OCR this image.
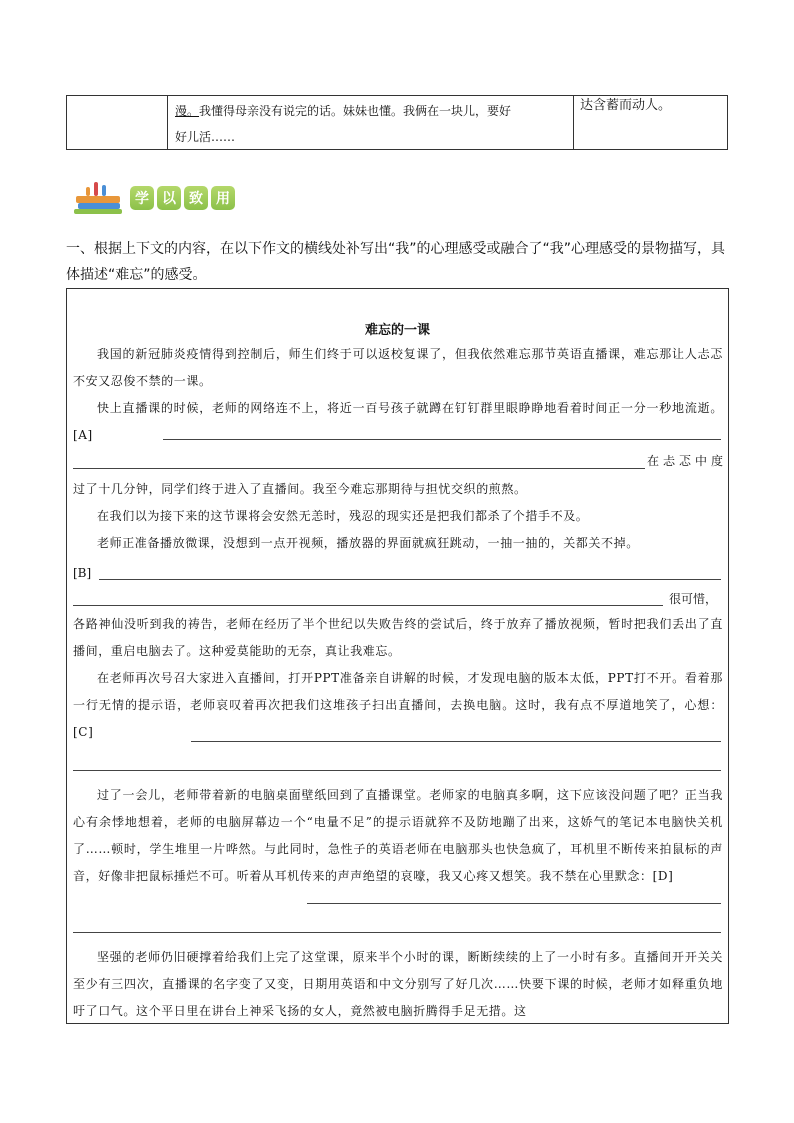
漫。我懂得母亲没有说完的话。妹妹也懂。我俩在一块儿，要好
好儿活……
达含蓄而动人。
学 以 致 用
一、根据上下文的内容，在以下作文的横线处补写出“我”的心理感受或融合了“我”心理感受的景物描写，具体描述“难忘”的感受。
难忘的一课
我国的新冠肺炎疫情得到控制后，师生们终于可以返校复课了，但我依然难忘那节英语直播课，难忘那让人忐忑不安又忍俊不禁的一课。
快上直播课的时候，老师的网络连不上，将近一百号孩子就蹲在钉钉群里眼睁睁地看着时间正一分一秒地流逝。[A]
在忐忑中度
过了十几分钟，同学们终于进入了直播间。我至今难忘那期待与担忧交织的煎熬。
在我们以为接下来的这节课将会安然无恙时，残忍的现实还是把我们都杀了个措手不及。
老师正准备播放微课，没想到一点开视频，播放器的界面就疯狂跳动，一抽一抽的，关都关不掉。
[B]
很可惜，
各路神仙没听到我的祷告，老师在经历了半个世纪以失败告终的尝试后，终于放弃了播放视频，暂时把我们丢出了直播间，重启电脑去了。这种爱莫能助的无奈，真让我难忘。
在老师再次号召大家进入直播间，打开PPT准备亲自讲解的时候，才发现电脑的版本太低，PPT打不开。看着那一行无情的提示语，老师哀叹着再次把我们这堆孩子扫出直播间，去换电脑。这时，我有点不厚道地笑了，心想：[C]
过了一会儿，老师带着新的电脑桌面壁纸回到了直播课堂。老师家的电脑真多啊，这下应该没问题了吧？正当我心有余悸地想着，老师的电脑屏幕边一个“电量不足”的提示语就猝不及防地蹦了出来，这娇气的笔记本电脑快关机了……顿时，学生堆里一片哗然。与此同时，急性子的英语老师在电脑那头也快急疯了，耳机里不断传来拍鼠标的声音，好像非把鼠标捶烂不可。听着从耳机传来的声声绝望的哀嚎，我又心疼又想笑。我不禁在心里默念：[D]
坚强的老师仍旧硬撑着给我们上完了这堂课，原来半个小时的课，断断续续的上了一小时有多。直播间开开关关至少有三四次，直播课的名字变了又变，日期用英语和中文分别写了好几次……快要下课的时候，老师才如释重负地吁了口气。这个平日里在讲台上神采飞扬的女人，竟然被电脑折腾得手足无措。这
